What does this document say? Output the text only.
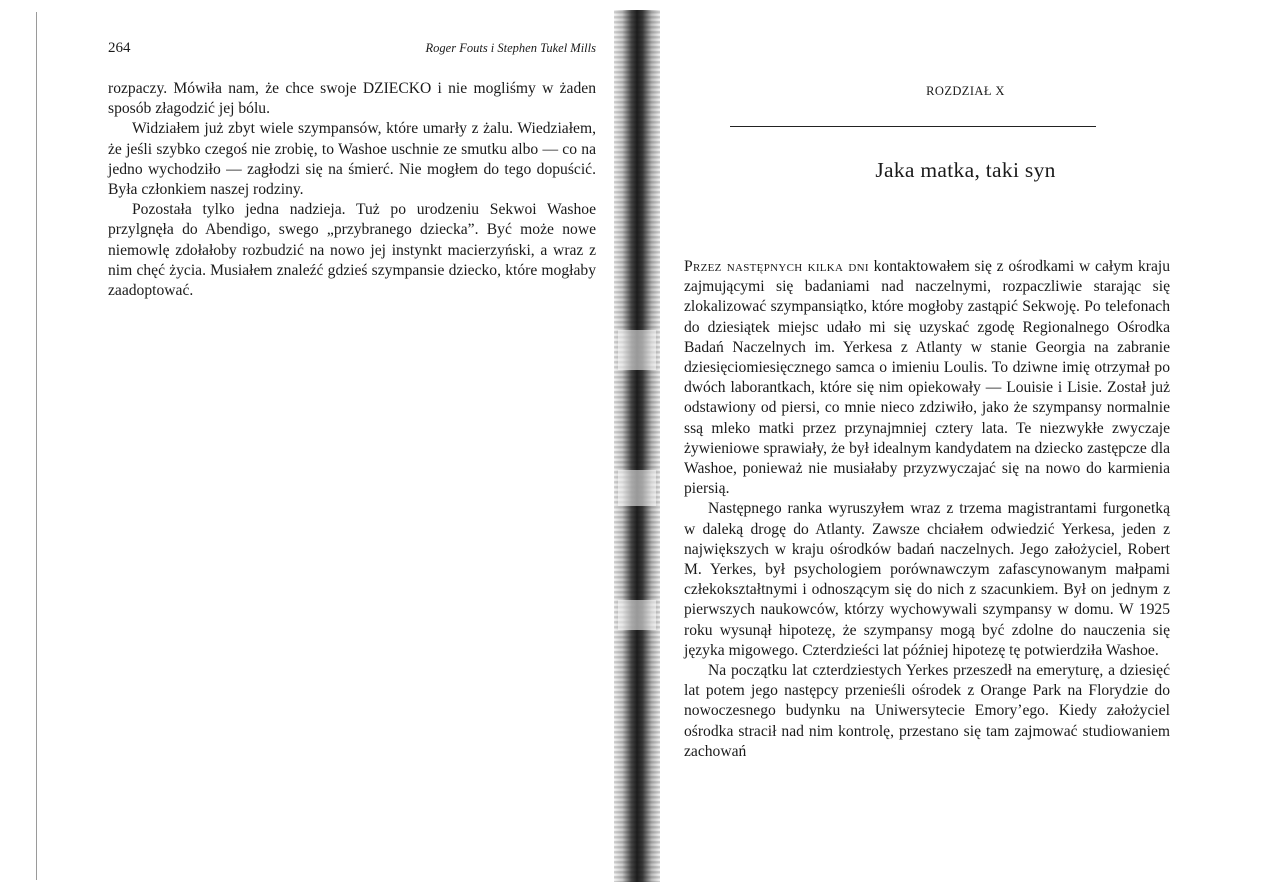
264	Roger Fouts i Stephen Tukel Mills

rozpaczy. Mówiła nam, że chce swoje DZIECKO i nie mogliśmy w żaden sposób złagodzić jej bólu.

Widziałem już zbyt wiele szympansów, które umarły z żalu. Wiedziałem, że jeśli szybko czegoś nie zrobię, to Washoe uschnie ze smutku albo — co na jedno wychodziło — zagłodzi się na śmierć. Nie mogłem do tego dopuścić. Była członkiem naszej rodziny.

Pozostała tylko jedna nadzieja. Tuż po urodzeniu Sekwoi Washoe przylgnęła do Abendigo, swego „przybranego dziecka”. Być może nowe niemowlę zdołałoby rozbudzić na nowo jej instynkt macierzyński, a wraz z nim chęć życia. Musiałem znaleźć gdzieś szympansie dziecko, które mogłaby zaadoptować.

ROZDZIAŁ X
Jaka matka, taki syn

Przez następnych kilka dni kontaktowałem się z ośrodkami w całym kraju zajmującymi się badaniami nad naczelnymi, rozpaczliwie starając się zlokalizować szympansiątko, które mogłoby zastąpić Sekwoję. Po telefonach do dziesiątek miejsc udało mi się uzyskać zgodę Regionalnego Ośrodka Badań Naczelnych im. Yerkesa z Atlanty w stanie Georgia na zabranie dziesięciomiesięcznego samca o imieniu Loulis. To dziwne imię otrzymał po dwóch laborantkach, które się nim opiekowały — Louisie i Lisie. Został już odstawiony od piersi, co mnie nieco zdziwiło, jako że szympansy normalnie ssą mleko matki przez przynajmniej cztery lata. Te niezwykłe zwyczaje żywieniowe sprawiały, że był idealnym kandydatem na dziecko zastępcze dla Washoe, ponieważ nie musiałaby przyzwyczajać się na nowo do karmienia piersią.

Następnego ranka wyruszyłem wraz z trzema magistrantami furgonetką w daleką drogę do Atlanty. Zawsze chciałem odwiedzić Yerkesa, jeden z największych w kraju ośrodków badań naczelnych. Jego założyciel, Robert M. Yerkes, był psychologiem porównawczym zafascynowanym małpami człekokształtnymi i odnoszącym się do nich z szacunkiem. Był on jednym z pierwszych naukowców, którzy wychowywali szympansy w domu. W 1925 roku wysunął hipotezę, że szympansy mogą być zdolne do nauczenia się języka migowego. Czterdzieści lat później hipotezę tę potwierdziła Washoe.

Na początku lat czterdziestych Yerkes przeszedł na emeryturę, a dziesięć lat potem jego następcy przenieśli ośrodek z Orange Park na Florydzie do nowoczesnego budynku na Uniwersytecie Emory’ego. Kiedy założyciel ośrodka stracił nad nim kontrolę, przestano się tam zajmować studiowaniem zachowań
